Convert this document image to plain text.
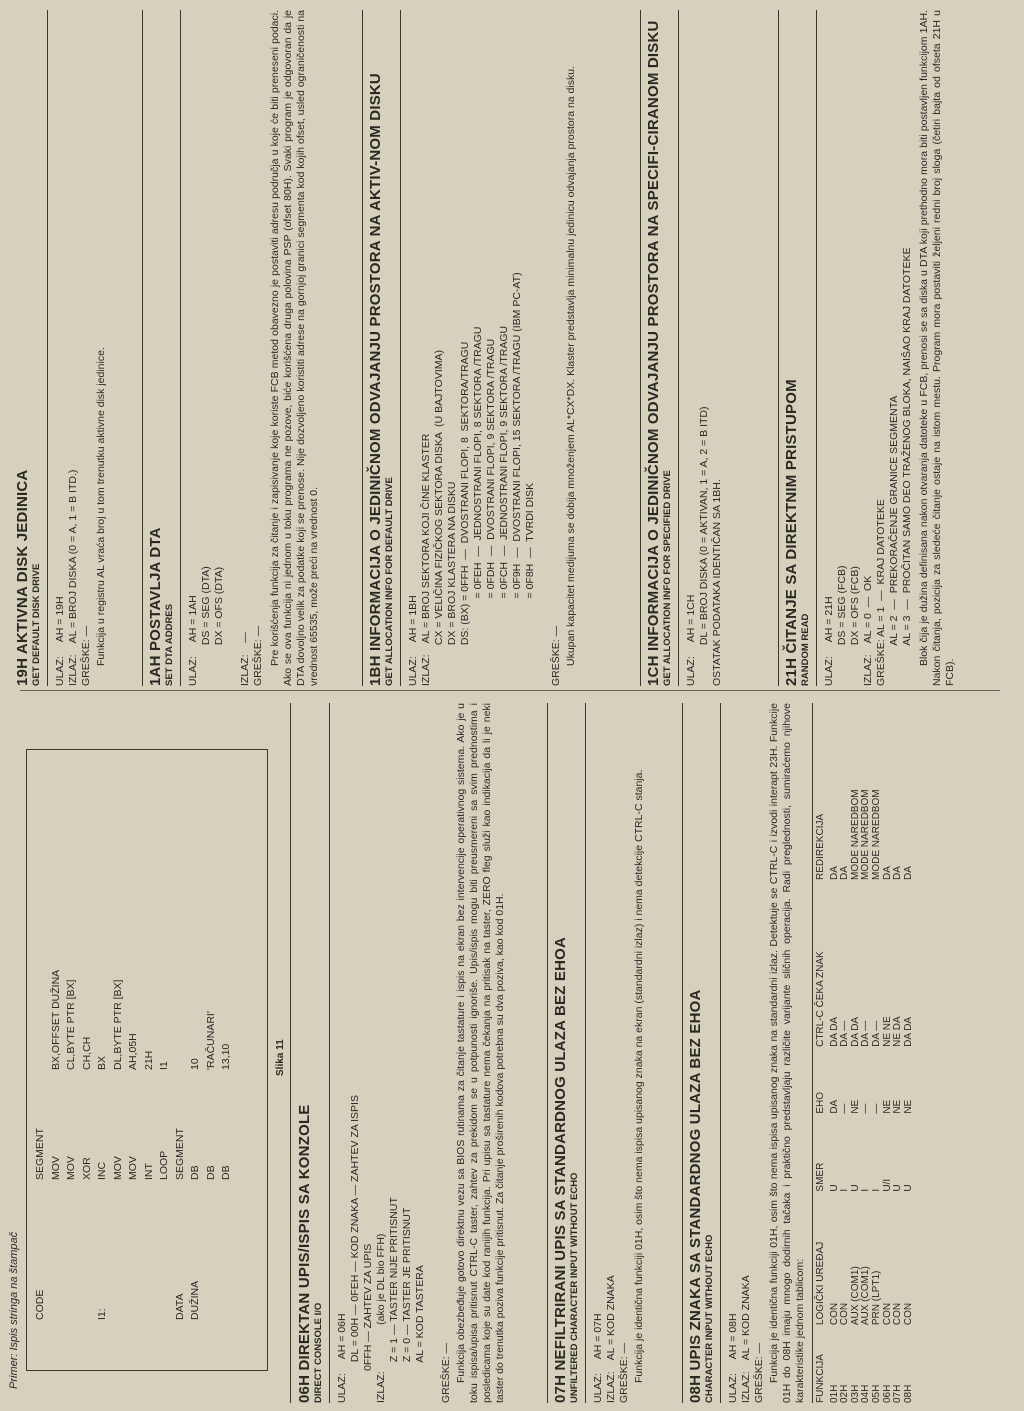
Primer: Ispis stringa na štampač CODE	SEGMENT	
	MOV	BX,OFFSET DUŽINA
	MOV	CL,BYTE PTR [BX]
	XOR	CH,CH
I1:	INC	BX
	MOV	DL,BYTE PTR [BX]
	MOV	AH,05H
	INT	21H
	LOOP	I1

DATA	SEGMENT	
DUŽINA	DB	10
	DB	'RAČUNARI'
	DB	13,10	Slika 11
06H DIREKTAN UPIS/ISPIS SA KONZOLE DIRECT CONSOLE I/O ULAZ:     AH = 06H
DL = 00H — 0FEH — KOD ZNAKA — ZAHTEV ZA ISPIS
0FFH — ZAHTEV ZA UPIS
IZLAZ:                (ako je DL bio FFH)
Z = 1 — TASTER NIJE PRITISNUT
Z = 0 — TASTER JE PRITISNUT
AL = KOD TASTERA

GREŠKE: — Funkcija obezbeđuje gotovo direktnu vezu sa BIOS rutinama za čitanje tastature i ispis na ekran bez intervencije operativnog sistema. Ako je u toku ispisa/upisa pritisnut CTRL-C taster, zahtev za prekidom se u potpunosti ignoriše. Upis/ispis mogu biti preusmereni sa svim prednostima i posledicama koje su date kod ranijih funkcija. Pri upisu sa tastature nema čekanja na pritisak na taster, ZERO fleg služi kao indikacija da li je neki taster do trenutka poziva funkcije pritisnut. Za čitanje proširenih kodova potrebna su dva poziva, kao kod 01H.	07H NEFILTRIRANI UPIS SA STANDARDNOG ULAZA BEZ EHOA UNFILTERED CHARACTER INPUT WITHOUT ECHO ULAZ:     AH = 07H
IZLAZ:    AL = KOD ZNAKA
GREŠKE: — Funkcija je identična funkciji 01H, osim što nema ispisa upisanog znaka na ekran (standardni izlaz) i nema detekcije CTRL-C stanja.	08H UPIS ZNAKA SA STANDARDNOG ULAZA BEZ EHOA CHARACTER INPUT WITHOUT ECHO ULAZ:     AH = 08H
IZLAZ:    AL = KOD ZNAKA
GREŠKE: — Funkcija je identična funkciji 01H, osim što nema ispisa upisanog znaka na standardni izlaz. Detektuje se CTRL-C i izvodi interapt 23H. Funkcije 01H do 08H imaju mnogo dodirnih tačaka i praktično predstavljaju različite varijante sličnih operacija. Radi preglednosti, sumiraćemo njihove karakteristike jednom tablicom: FUNKCIJA	LOGIČKI UREĐAJ	SMER	EHO	CTRL-C ČEKA ZNAK	REDIREKCIJA
01H	CON	U	DA	DA DA	DA
02H	CON	I	—	DA —	DA
03H	AUX (COM1)	U	NE	DA DA	MODE NAREDBOM
04H	AUX (COM1)	I	—	DA —	MODE NAREDBOM
05H	PRN (LPT1)	I	—	DA —	MODE NAREDBOM
06H	CON	U/I	NE	NE NE	DA
07H	CON	U	NE	NE DA	DA
08H	CON	U	NE	DA DA	DA
19H AKTIVNA DISK JEDINICA GET DEFAULT DISK DRIVE ULAZ:     AH = 19H
IZLAZ:    AL = BROJ DISKA (0 = A, 1 = B ITD.)
GREŠKE: — Funkcija u registru AL vraća broj u tom trenutku aktivne disk jedinice.	1AH POSTAVLJA DTA SET DTA ADDRES ULAZ:     AH = 1AH
DS = SEG (DTA)
DX = OFS (DTA)

IZLAZ:    —
GREŠKE: — Pre korišćenja funkcija za čitanje i zapisivanje koje koriste FCB metod obavezno je postaviti adresu područja u koje će biti preneseni podaci. Ako se ova funkcija ni jednom u toku programa ne pozove, biće korišćena druga polovina PSP (ofset 80H). Svaki program je odgovoran da je DTA dovoljno velik za podatke koji se prenose. Nije dozvoljeno koristiti adrese na gornjoj granici segmenta kod kojih ofset, usled ograničenosti na vrednost 65535, može preći na vrednost 0.	1BH INFORMACIJA O JEDINIČNOM ODVAJANJU PROSTORA NA AKTIV-NOM DISKU GET ALLOCATION INFO FOR DEFAULT DRIVE ULAZ:     AH = 1BH
IZLAZ:    AL = BROJ SEKTORA KOJI ČINE KLASTER
CX = VELIČINA FIZIČKOG SEKTORA DISKA  (U BAJTOVIMA)
DX = BROJ KLASTERA NA DISKU
DS: (BX) = 0FFH  —  DVOSTRANI FLOPI, 8  SEKTORA/TRAGU
= 0FEH  —  JEDNOSTRANI FLOPI, 8 SEKTORA /TRAGU
= 0FDH  —  DVOSTRANI FLOPI, 9 SEKTORA /TRAGU
= 0FCH  —  JEDNOSTRANI FLOPI, 9 SEKTORA /TRAGU
= 0F9H  —  DVOSTRANI FLOPI, 15 SEKTORA /TRAGU (IBM PC-AT)
= 0F8H  —  TVRDI DISK

GREŠKE: — Ukupan kapacitet medijuma se dobija množenjem AL*CX*DX. Klaster predstavlja minimalnu jedinicu odvajanja prostora na disku.	1CH INFORMACIJA O JEDINIČNOM ODVAJANJU PROSTORA NA SPECIFI-CIRANOM DISKU GET ALLOCATION INFO FOR SPECIFIED DRIVE ULAZ:     AH = 1CH
DL = BROJ DISKA (0 = AKTIVAN, 1 = A, 2 = B ITD)
OSTATAK PODATAKA IDENTIČAN SA 1BH.	21H ČITANJE SA DIREKTNIM PRISTUPOM RANDOM READ ULAZ:     AH = 21H
DS = SEG (FCB)
DX = OFS (FCB)
IZLAZ:    AL = 0  —  OK
GREŠKE: AL = 1  —  KRAJ DATOTEKE
AL = 2  —  PREKORAČENJE GRANICE SEGMENTA
AL = 3  —  PROČITAN SAMO DEO TRAŽENOG BLOKA, NAIŠAO KRAJ DATOTEKE Blok čija je dužina definisana nakon otvaranja datoteke u FCB, prenosi se sa diska u DTA koji prethodno mora biti postavljen funkcijom 1AH. Nakon čitanja, pozicija za sledeće čitanje ostaje na istom mestu. Program mora postaviti željeni redni broj sloga (četiri bajta od ofseta 21H u FCB).
